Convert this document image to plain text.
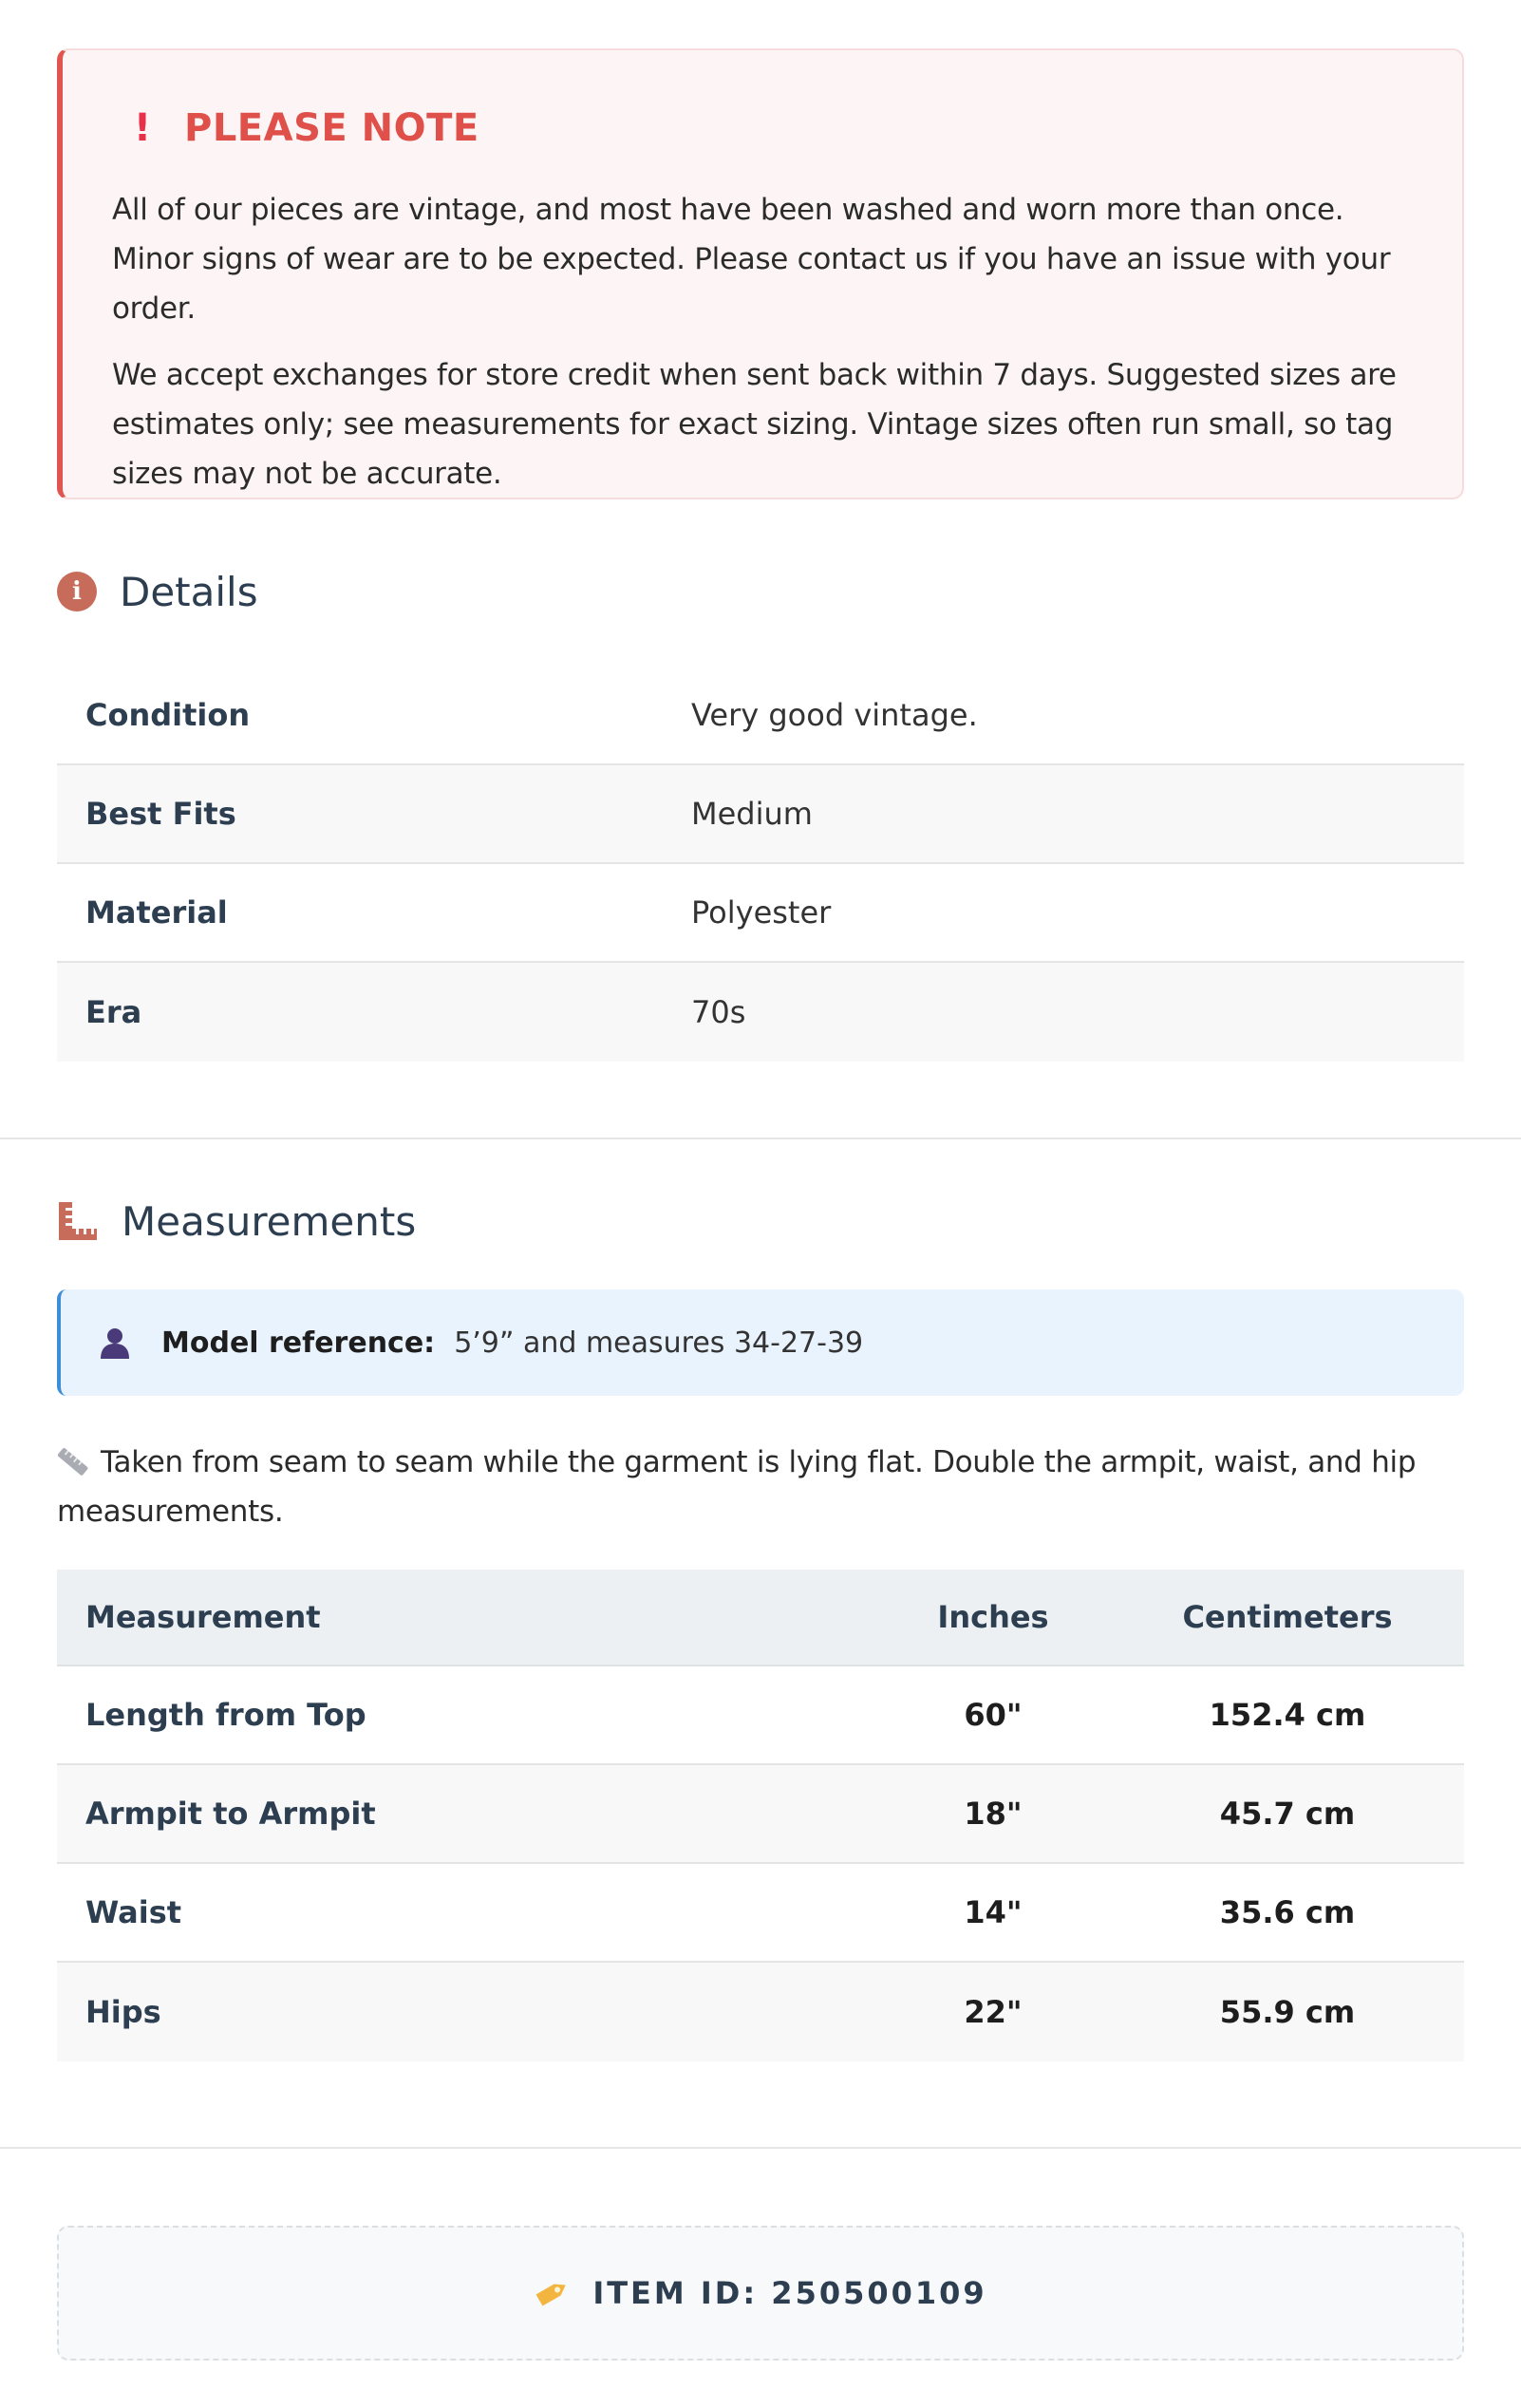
! PLEASE NOTE

All of our pieces are vintage, and most have been washed and worn more than once. Minor signs of wear are to be expected. Please contact us if you have an issue with your order.

We accept exchanges for store credit when sent back within 7 days. Suggested sizes are estimates only; see measurements for exact sizing. Vintage sizes often run small, so tag sizes may not be accurate.

i Details
Condition	Very good vintage.
Best Fits	Medium
Material	Polyester
Era	70s
Measurements
Model reference: 5’9” and measures 34-27-39
Taken from seam to seam while the garment is lying flat. Double the armpit, waist, and hip measurements.
Measurement	Inches	Centimeters
Length from Top	60"	152.4 cm
Armpit to Armpit	18"	45.7 cm
Waist	14"	35.6 cm
Hips	22"	55.9 cm
ITEM ID: 250500109
